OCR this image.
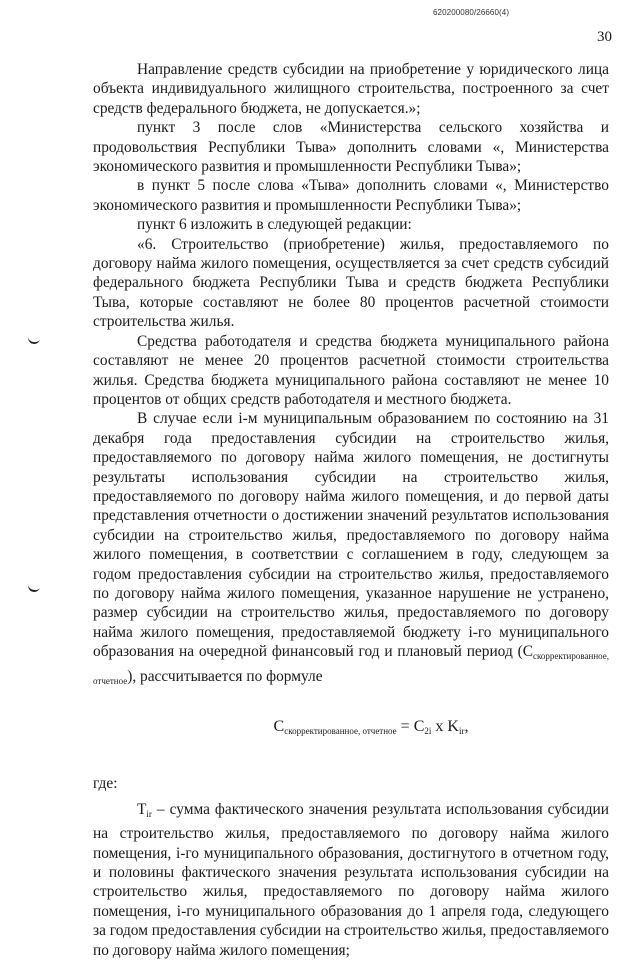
620200080/26660(4)
30

Направление средств субсидии на приобретение у юридического лица объекта индивидуального жилищного строительства, построенного за счет средств федерального бюджета, не допускается.»;

пункт 3 после слов «Министерства сельского хозяйства и продовольствия Республики Тыва» дополнить словами «, Министерства экономического развития и промышленности Республики Тыва»;

в пункт 5 после слова «Тыва» дополнить словами «, Министерство экономического развития и промышленности Республики Тыва»;

пункт 6 изложить в следующей редакции:

«6. Строительство (приобретение) жилья, предоставляемого по договору найма жилого помещения, осуществляется за счет средств субсидий федерального бюджета Республики Тыва и средств бюджета Республики Тыва, которые составляют не более 80 процентов расчетной стоимости строительства жилья.

Средства работодателя и средства бюджета муниципального района составляют не менее 20 процентов расчетной стоимости строительства жилья. Средства бюджета муниципального района составляют не менее 10 процентов от общих средств работодателя и местного бюджета.

В случае если i-м муниципальным образованием по состоянию на 31 декабря года предоставления субсидии на строительство жилья, предоставляемого по договору найма жилого помещения, не достигнуты результаты использования субсидии на строительство жилья, предоставляемого по договору найма жилого помещения, и до первой даты представления отчетности о достижении значений результатов использования субсидии на строительство жилья, предоставляемого по договору найма жилого помещения, в соответствии с соглашением в году, следующем за годом предоставления субсидии на строительство жилья, предоставляемого по договору найма жилого помещения, указанное нарушение не устранено, размер субсидии на строительство жилья, предоставляемого по договору найма жилого помещения, предоставляемой бюджету i-го муниципального образования на очередной финансовый год и плановый период (Сскорректированное, отчетное), рассчитывается по формуле

$С_{скорректированное, отчетное} = С_{2i}$ х $K_{ir}$,

где:

Tir – сумма фактического значения результата использования субсидии на строительство жилья, предоставляемого по договору найма жилого помещения, i-го муниципального образования, достигнутого в отчетном году, и половины фактического значения результата использования субсидии на строительство жилья, предоставляемого по договору найма жилого помещения, i-го муниципального образования до 1 апреля года, следующего за годом предоставления субсидии на строительство жилья, предоставляемого по договору найма жилого помещения;
